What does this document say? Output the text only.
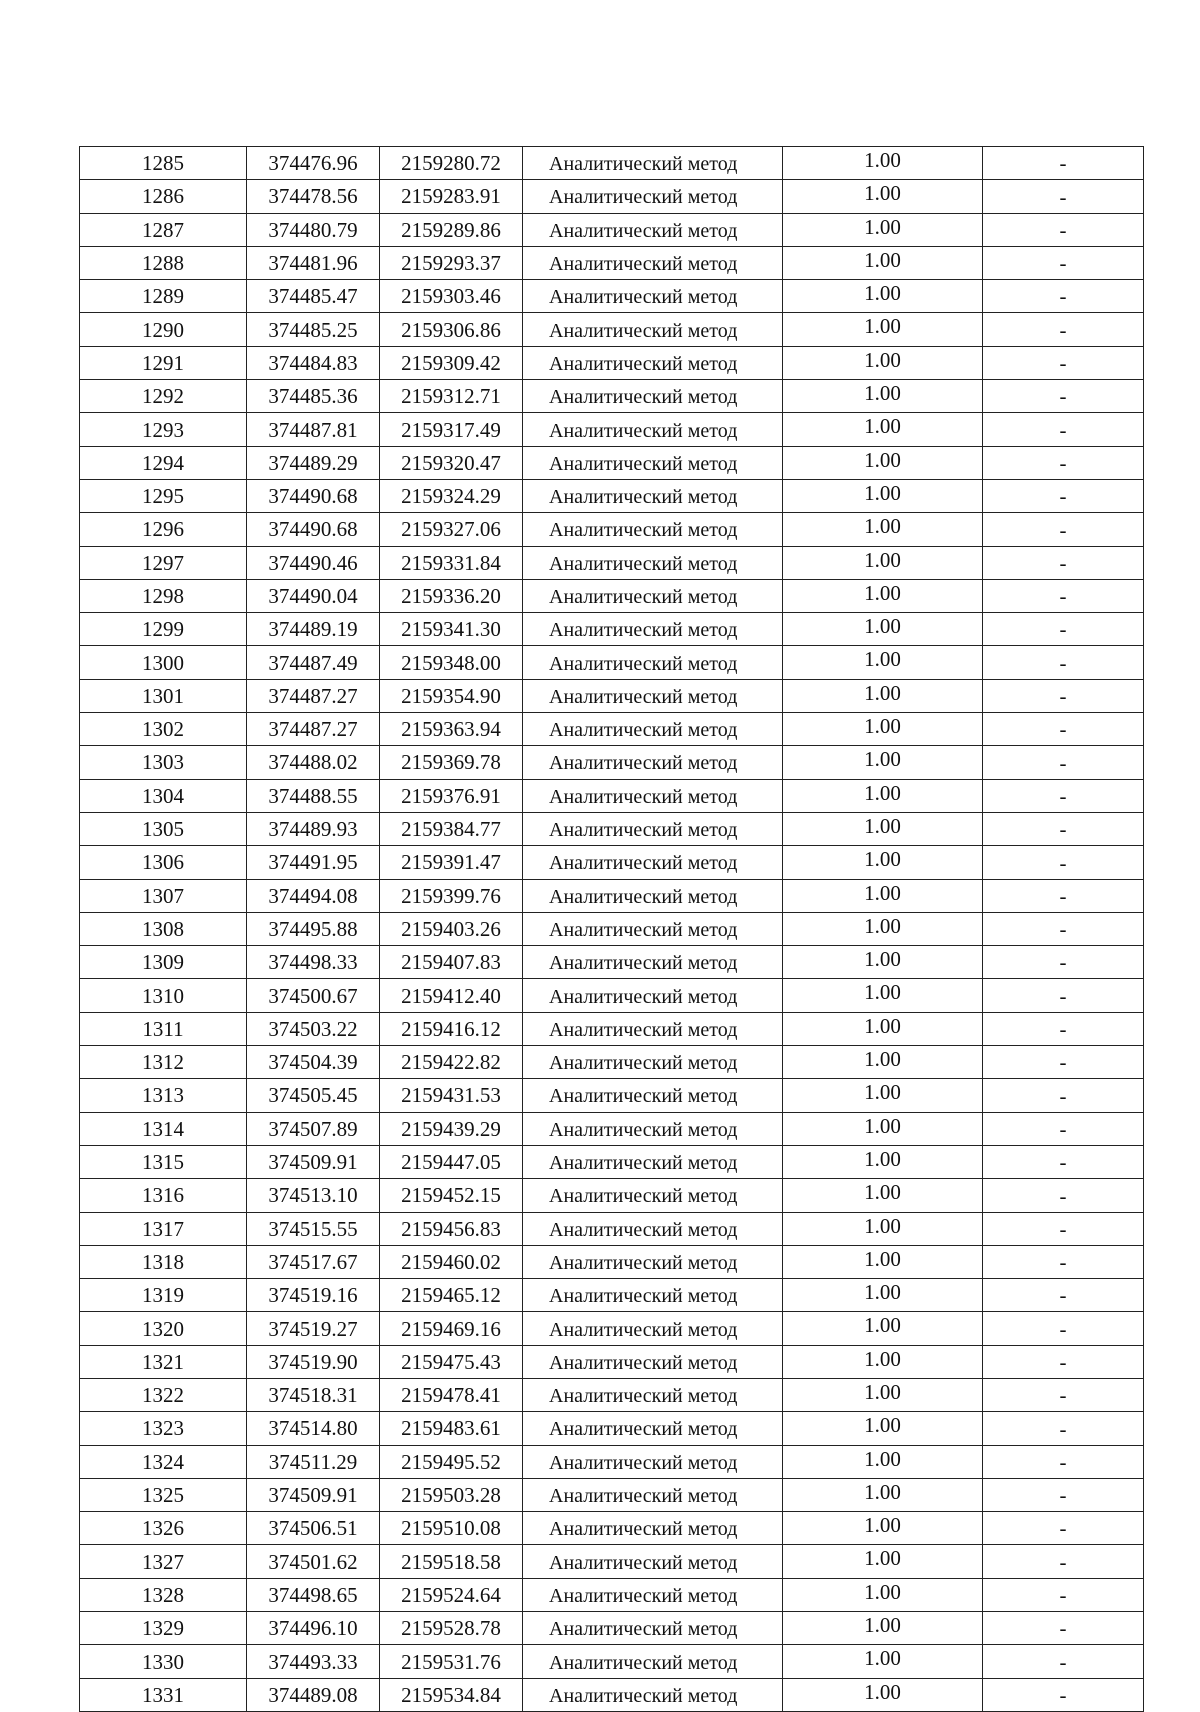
1285	374476.96	2159280.72	Аналитический метод	1.00	-
1286	374478.56	2159283.91	Аналитический метод	1.00	-
1287	374480.79	2159289.86	Аналитический метод	1.00	-
1288	374481.96	2159293.37	Аналитический метод	1.00	-
1289	374485.47	2159303.46	Аналитический метод	1.00	-
1290	374485.25	2159306.86	Аналитический метод	1.00	-
1291	374484.83	2159309.42	Аналитический метод	1.00	-
1292	374485.36	2159312.71	Аналитический метод	1.00	-
1293	374487.81	2159317.49	Аналитический метод	1.00	-
1294	374489.29	2159320.47	Аналитический метод	1.00	-
1295	374490.68	2159324.29	Аналитический метод	1.00	-
1296	374490.68	2159327.06	Аналитический метод	1.00	-
1297	374490.46	2159331.84	Аналитический метод	1.00	-
1298	374490.04	2159336.20	Аналитический метод	1.00	-
1299	374489.19	2159341.30	Аналитический метод	1.00	-
1300	374487.49	2159348.00	Аналитический метод	1.00	-
1301	374487.27	2159354.90	Аналитический метод	1.00	-
1302	374487.27	2159363.94	Аналитический метод	1.00	-
1303	374488.02	2159369.78	Аналитический метод	1.00	-
1304	374488.55	2159376.91	Аналитический метод	1.00	-
1305	374489.93	2159384.77	Аналитический метод	1.00	-
1306	374491.95	2159391.47	Аналитический метод	1.00	-
1307	374494.08	2159399.76	Аналитический метод	1.00	-
1308	374495.88	2159403.26	Аналитический метод	1.00	-
1309	374498.33	2159407.83	Аналитический метод	1.00	-
1310	374500.67	2159412.40	Аналитический метод	1.00	-
1311	374503.22	2159416.12	Аналитический метод	1.00	-
1312	374504.39	2159422.82	Аналитический метод	1.00	-
1313	374505.45	2159431.53	Аналитический метод	1.00	-
1314	374507.89	2159439.29	Аналитический метод	1.00	-
1315	374509.91	2159447.05	Аналитический метод	1.00	-
1316	374513.10	2159452.15	Аналитический метод	1.00	-
1317	374515.55	2159456.83	Аналитический метод	1.00	-
1318	374517.67	2159460.02	Аналитический метод	1.00	-
1319	374519.16	2159465.12	Аналитический метод	1.00	-
1320	374519.27	2159469.16	Аналитический метод	1.00	-
1321	374519.90	2159475.43	Аналитический метод	1.00	-
1322	374518.31	2159478.41	Аналитический метод	1.00	-
1323	374514.80	2159483.61	Аналитический метод	1.00	-
1324	374511.29	2159495.52	Аналитический метод	1.00	-
1325	374509.91	2159503.28	Аналитический метод	1.00	-
1326	374506.51	2159510.08	Аналитический метод	1.00	-
1327	374501.62	2159518.58	Аналитический метод	1.00	-
1328	374498.65	2159524.64	Аналитический метод	1.00	-
1329	374496.10	2159528.78	Аналитический метод	1.00	-
1330	374493.33	2159531.76	Аналитический метод	1.00	-
1331	374489.08	2159534.84	Аналитический метод	1.00	-
